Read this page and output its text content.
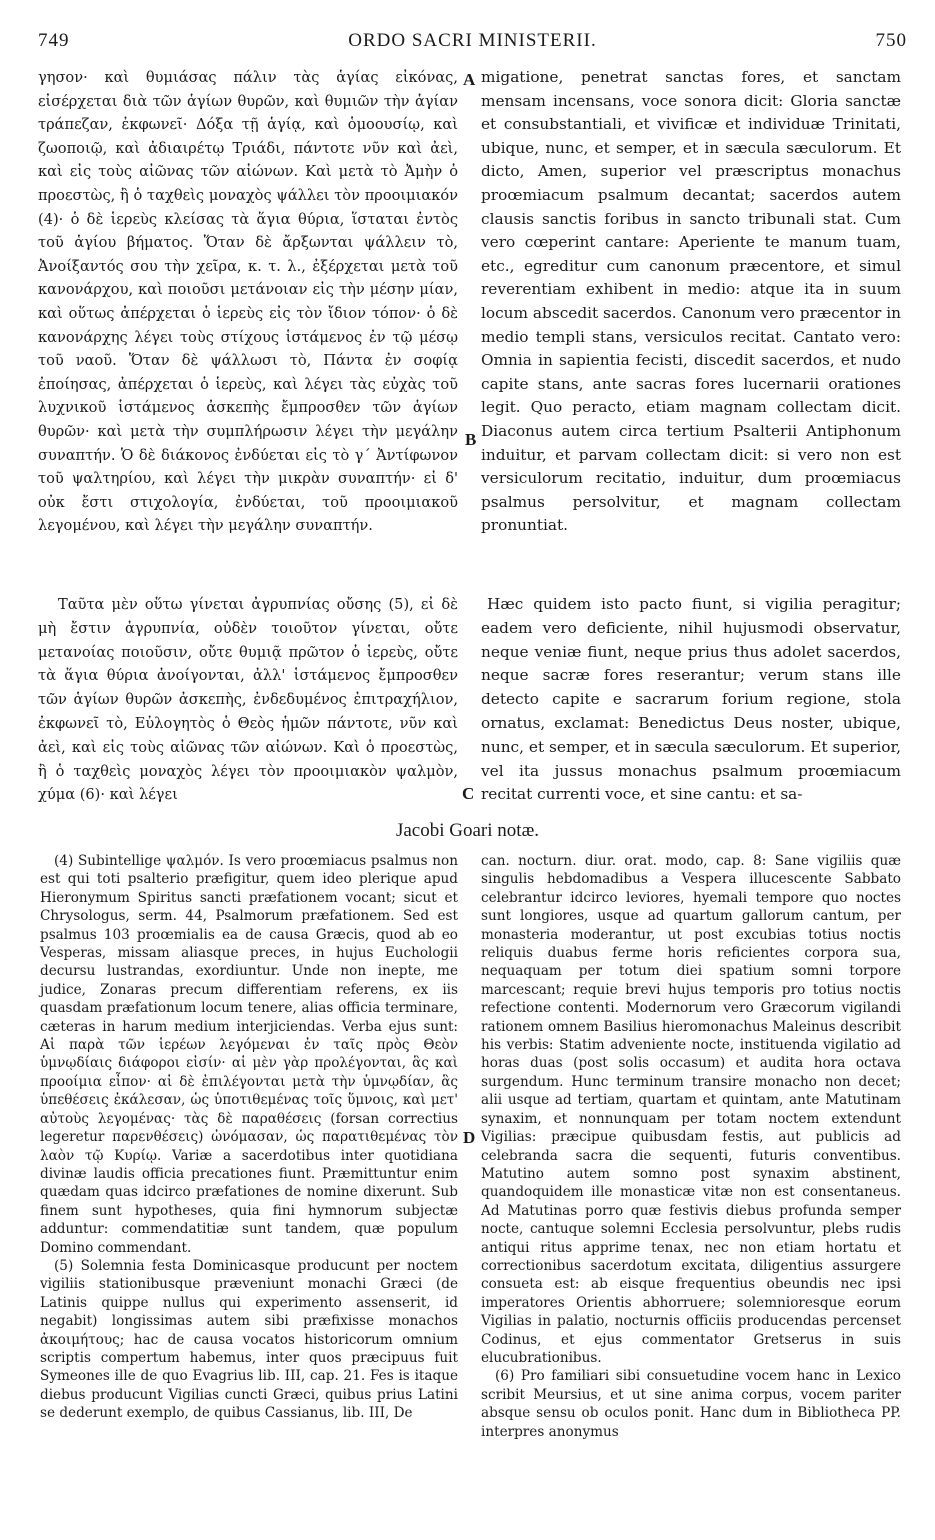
749	ORDO SACRI MINISTERII.	750

γησον· καὶ θυμιάσας πάλιν τὰς ἁγίας εἰκόνας, εἰσέρχεται διὰ τῶν ἁγίων θυρῶν, καὶ θυμιῶν τὴν ἁγίαν τράπεζαν, ἐκφωνεῖ· Δόξα τῇ ἁγίᾳ, καὶ ὁμοουσίῳ, καὶ ζωοποιῷ, καὶ ἀδιαιρέτῳ Τριάδι, πάντοτε νῦν καὶ ἀεὶ, καὶ εἰς τοὺς αἰῶνας τῶν αἰώνων. Καὶ μετὰ τὸ Ἀμὴν ὁ προεστὼς, ἢ ὁ ταχθεὶς μοναχὸς ψάλλει τὸν προοιμιακόν (4)· ὁ δὲ ἱερεὺς κλείσας τὰ ἅγια θύρια, ἵσταται ἐντὸς τοῦ ἁγίου βήματος. Ὅταν δὲ ἄρξωνται ψάλλειν τὸ, Ἀνοίξαντός σου τὴν χεῖρα, κ. τ. λ., ἐξέρχεται μετὰ τοῦ κανονάρχου, καὶ ποιοῦσι μετάνοιαν εἰς τὴν μέσην μίαν, καὶ οὕτως ἀπέρχεται ὁ ἱερεὺς εἰς τὸν ἴδιον τόπον· ὁ δὲ κανονάρχης λέγει τοὺς στίχους ἱστάμενος ἐν τῷ μέσῳ τοῦ ναοῦ. Ὅταν δὲ ψάλλωσι τὸ, Πάντα ἐν σοφίᾳ ἐποίησας, ἀπέρχεται ὁ ἱερεὺς, καὶ λέγει τὰς εὐχὰς τοῦ λυχνικοῦ ἱστάμενος ἀσκεπὴς ἔμπροσθεν τῶν ἁγίων θυρῶν· καὶ μετὰ τὴν συμπλήρωσιν λέγει τὴν μεγάλην συναπτήν. Ὁ δὲ διάκονος ἐνδύεται εἰς τὸ γ΄ Ἀντίφωνον τοῦ ψαλτηρίου, καὶ λέγει τὴν μικρὰν συναπτήν· εἰ δ' οὐκ ἔστι στιχολογία, ἐνδύεται, τοῦ προοιμιακοῦ λεγομένου, καὶ λέγει τὴν μεγάλην συναπτήν.

migatione, penetrat sanctas fores, et sanctam mensam incensans, voce sonora dicit: Gloria sanctæ et consubstantiali, et vivificæ et individuæ Trinitati, ubique, nunc, et semper, et in sæcula sæculorum. Et dicto, Amen, superior vel præscriptus monachus proœmiacum psalmum decantat; sacerdos autem clausis sanctis foribus in sancto tribunali stat. Cum vero cœperint cantare: Aperiente te manum tuam, etc., egreditur cum canonum præcentore, et simul reverentiam exhibent in medio: atque ita in suum locum abscedit sacerdos. Canonum vero præcentor in medio templi stans, versiculos recitat. Cantato vero: Omnia in sapientia fecisti, discedit sacerdos, et nudo capite stans, ante sacras fores lucernarii orationes legit. Quo peracto, etiam magnam collectam dicit. Diaconus autem circa tertium Psalterii Antiphonum induitur, et parvam collectam dicit: si vero non est versiculorum recitatio, induitur, dum proœmiacus psalmus persolvitur, et magnam collectam pronuntiat.

A
B

Ταῦτα μὲν οὕτω γίνεται ἀγρυπνίας οὔσης (5), εἰ δὲ μὴ ἔστιν ἀγρυπνία, οὐδὲν τοιοῦτον γίνεται, οὔτε μετανοίας ποιοῦσιν, οὔτε θυμιᾷ πρῶτον ὁ ἱερεὺς, οὔτε τὰ ἅγια θύρια ἀνοίγονται, ἀλλ' ἱστάμενος ἔμπροσθεν τῶν ἁγίων θυρῶν ἀσκεπὴς, ἐνδεδυμένος ἐπιτραχήλιον, ἐκφωνεῖ τὸ, Εὐλογητὸς ὁ Θεὸς ἡμῶν πάντοτε, νῦν καὶ ἀεὶ, καὶ εἰς τοὺς αἰῶνας τῶν αἰώνων. Καὶ ὁ προεστὼς, ἢ ὁ ταχθεὶς μοναχὸς λέγει τὸν προοιμιακὸν ψαλμὸν, χύμα (6)· καὶ λέγει

Hæc quidem isto pacto fiunt, si vigilia peragitur; eadem vero deficiente, nihil hujusmodi observatur, neque veniæ fiunt, neque prius thus adolet sacerdos, neque sacræ fores reserantur; verum stans ille detecto capite e sacrarum forium regione, stola ornatus, exclamat: Benedictus Deus noster, ubique, nunc, et semper, et in sæcula sæculorum. Et superior, vel ita jussus monachus psalmum proœmiacum recitat currenti voce, et sine cantu: et sa-

C
Jacobi Goari notæ.

(4) Subintellige ψαλμόν. Is vero proœmiacus psalmus non est qui toti psalterio præfigitur, quem ideo plerique apud Hieronymum Spiritus sancti præfationem vocant; sicut et Chrysologus, serm. 44, Psalmorum præfationem. Sed est psalmus 103 proœmialis ea de causa Græcis, quod ab eo Vesperas, missam aliasque preces, in hujus Euchologii decursu lustrandas, exordiuntur. Unde non inepte, me judice, Zonaras precum differentiam referens, ex iis quasdam præfationum locum tenere, alias officia terminare, cæteras in harum medium interjiciendas. Verba ejus sunt: Αἱ παρὰ τῶν ἱερέων λεγόμεναι ἐν ταῖς πρὸς Θεὸν ὑμνῳδίαις διάφοροι εἰσίν· αἱ μὲν γὰρ προλέγονται, ἃς καὶ προοίμια εἶπον· αἱ δὲ ἐπιλέγονται μετὰ τὴν ὑμνῳδίαν, ἃς ὑπεθέσεις ἐκάλεσαν, ὡς ὑποτιθεμένας τοῖς ὕμνοις, καὶ μετ' αὐτοὺς λεγομένας· τὰς δὲ παραθέσεις (forsan correctius legeretur παρενθέσεις) ὠνόμασαν, ὡς παρατιθεμένας τὸν λαὸν τῷ Κυρίῳ. Variæ a sacerdotibus inter quotidiana divinæ laudis officia precationes fiunt. Præmittuntur enim quædam quas idcirco præfationes de nomine dixerunt. Sub finem sunt hypotheses, quia fini hymnorum subjectæ adduntur: commendatitiæ sunt tandem, quæ populum Domino commendant.

(5) Solemnia festa Dominicasque producunt per noctem vigiliis stationibusque præveniunt monachi Græci (de Latinis quippe nullus qui experimento assenserit, id negabit) longissimas autem sibi præfixisse monachos ἀκοιμήτους; hac de causa vocatos historicorum omnium scriptis compertum habemus, inter quos præcipuus fuit Symeones ille de quo Evagrius lib. III, cap. 21. Fes is itaque diebus producunt Vigilias cuncti Græci, quibus prius Latini se dederunt exemplo, de quibus Cassianus, lib. III, De

D

can. nocturn. diur. orat. modo, cap. 8: Sane vigiliis quæ singulis hebdomadibus a Vespera illucescente Sabbato celebrantur idcirco leviores, hyemali tempore quo noctes sunt longiores, usque ad quartum gallorum cantum, per monasteria moderantur, ut post excubias totius noctis reliquis duabus ferme horis reficientes corpora sua, nequaquam per totum diei spatium somni torpore marcescant; requie brevi hujus temporis pro totius noctis refectione contenti. Modernorum vero Græcorum vigilandi rationem omnem Basilius hieromonachus Maleinus describit his verbis: Statim adveniente nocte, instituenda vigilatio ad horas duas (post solis occasum) et audita hora octava surgendum. Hunc terminum transire monacho non decet; alii usque ad tertiam, quartam et quintam, ante Matutinam synaxim, et nonnunquam per totam noctem extendunt Vigilias: præcipue quibusdam festis, aut publicis ad celebranda sacra die sequenti, futuris conventibus. Matutino autem somno post synaxim abstinent, quandoquidem ille monasticæ vitæ non est consentaneus. Ad Matutinas porro quæ festivis diebus profunda semper nocte, cantuque solemni Ecclesia persolvuntur, plebs rudis antiqui ritus apprime tenax, nec non etiam hortatu et correctionibus sacerdotum excitata, diligentius assurgere consueta est: ab eisque frequentius obeundis nec ipsi imperatores Orientis abhorruere; solemnioresque eorum Vigilias in palatio, nocturnis officiis producendas percenset Codinus, et ejus commentator Gretserus in suis elucubrationibus.

(6) Pro familiari sibi consuetudine vocem hanc in Lexico scribit Meursius, et ut sine anima corpus, vocem pariter absque sensu ob oculos ponit. Hanc dum in Bibliotheca PP. interpres anonymus
